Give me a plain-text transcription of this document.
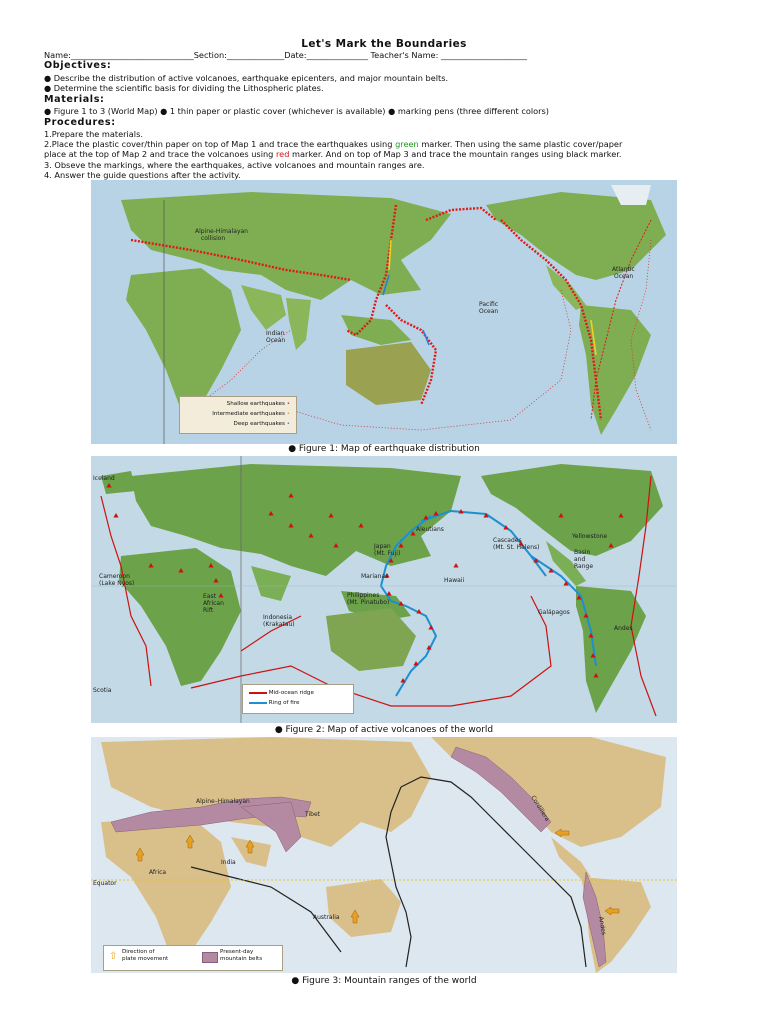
Let's Mark the Boundaries
Name:______________________________Section:______________Date:_______________ Teacher's Name: _____________________
Objectives:
● Describe the distribution of active volcanoes, earthquake epicenters, and major mountain belts.
● Determine the scientific basis for dividing the Lithospheric plates.
Materials:
● Figure 1 to 3 (World Map) ● 1 thin paper or plastic cover (whichever is available) ● marking pens (three different colors)
Procedures:
1.Prepare the materials.
2.Place the plastic cover/thin paper on top of Map 1 and trace the earthquakes using green marker. Then using the same plastic cover/paper
place at the top of Map 2 and trace the volcanoes using red marker. And on top of Map 3 and trace the mountain ranges using black marker.
3. Obseve the markings, where the earthquakes, active volcanoes and mountain ranges are.
4. Answer the guide questions after the activity.
Alpine-Himalayan
collision
Indian
Ocean
Pacific
Ocean
Atlantic
Ocean
Shallow earthquakes •
Intermediate earthquakes •
Deep earthquakes •
● Figure 1: Map of earthquake distribution
Iceland
Cameroon
(Lake Nyos)
East
African
Rift
Japan
(Mt. Fuji)
Aleutians
Marianas
Hawaii
Philippines
(Mt. Pinatubo)
Indonesia
(Krakatau)
Cascades
(Mt. St. Helens)
Yellowstone
Basin
and
Range
Galápagos
Andes
Scotia	Mid-ocean ridge
Ring of fire
● Figure 2: Map of active volcanoes of the world
Alpine–Himalayan
Tibet
India
Africa
Equator
Australia
Cordillera
Andes
⇧ Direction of
plate movement
Present-day
mountain belts
● Figure 3: Mountain ranges of the world
